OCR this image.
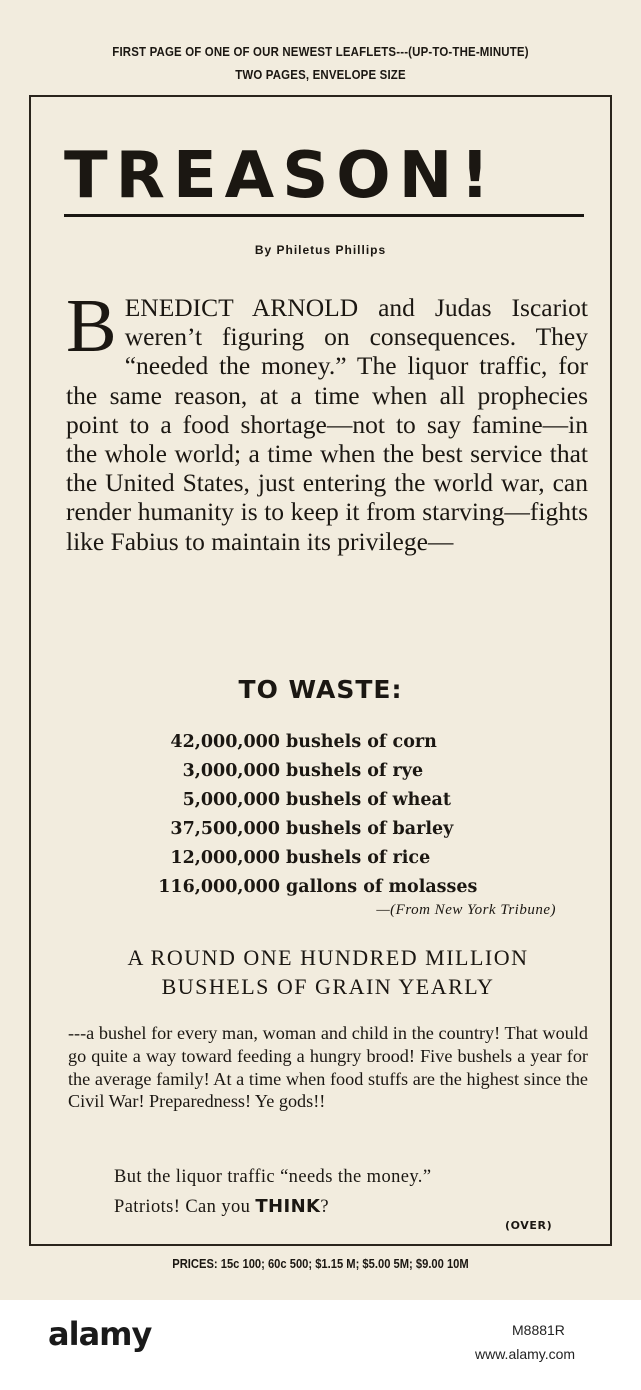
FIRST PAGE OF ONE OF OUR NEWEST LEAFLETS---(UP-TO-THE-MINUTE)
TWO PAGES, ENVELOPE SIZE
TREASON!
By Philetus Phillips
B ENEDICT ARNOLD and Judas Iscariot weren’t figuring on consequences. They “needed the money.” The liquor traffic, for the same reason, at a time when all prophecies point to a food shortage—not to say famine—in the whole world; a time when the best service that the United States, just entering the world war, can render humanity is to keep it from starving—fights like Fabius to maintain its privilege—
TO WASTE:
42,000,000 bushels of corn
3,000,000 bushels of rye
5,000,000 bushels of wheat
37,500,000 bushels of barley
12,000,000 bushels of rice
116,000,000 gallons of molasses
—(From New York Tribune)
A ROUND ONE HUNDRED MILLION
BUSHELS OF GRAIN YEARLY
---a bushel for every man, woman and child in the country! That would go quite a way toward feeding a hungry brood! Five bushels a year for the average family! At a time when food stuffs are the highest since the Civil War! Preparedness! Ye gods!!
But the liquor traffic “needs the money.”
Patriots! Can you THINK?
(OVER)
PRICES: 15c 100; 60c 500; $1.15 M; $5.00 5M; $9.00 10M
alamy	M8881R
www.alamy.com
